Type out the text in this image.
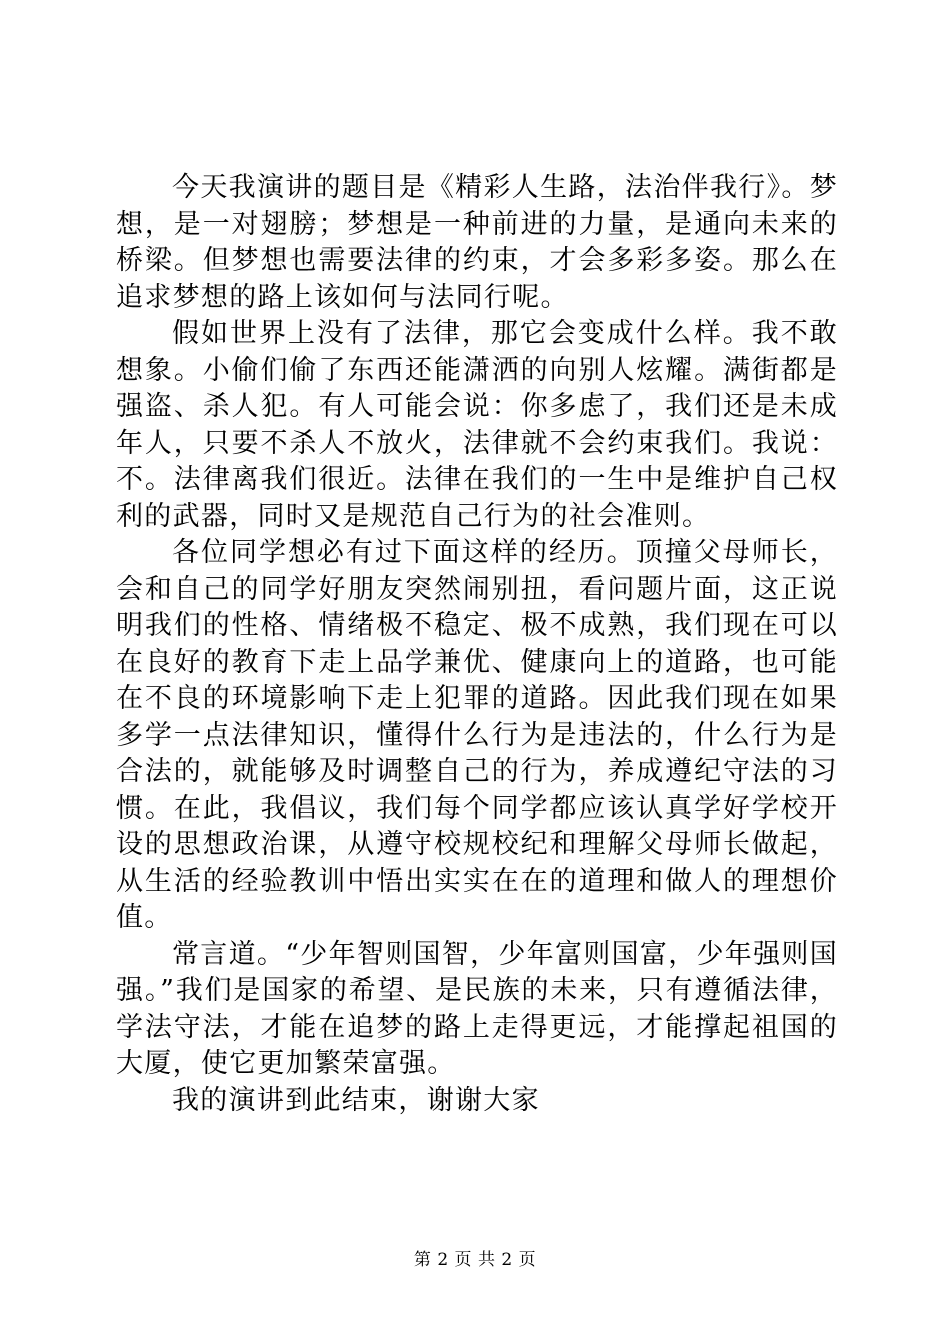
今天我演讲的题目是《精彩人生路，法治伴我行》。梦想，是一对翅膀；梦想是一种前进的力量，是通向未来的桥梁。但梦想也需要法律的约束，才会多彩多姿。那么在追求梦想的路上该如何与法同行呢。

假如世界上没有了法律，那它会变成什么样。我不敢想象。小偷们偷了东西还能潇洒的向别人炫耀。满街都是强盗、杀人犯。有人可能会说：你多虑了，我们还是未成年人，只要不杀人不放火，法律就不会约束我们。我说：不。法律离我们很近。法律在我们的一生中是维护自己权利的武器，同时又是规范自己行为的社会准则。

各位同学想必有过下面这样的经历。顶撞父母师长，会和自己的同学好朋友突然闹别扭，看问题片面，这正说明我们的性格、情绪极不稳定、极不成熟，我们现在可以在良好的教育下走上品学兼优、健康向上的道路，也可能在不良的环境影响下走上犯罪的道路。因此我们现在如果多学一点法律知识，懂得什么行为是违法的，什么行为是合法的，就能够及时调整自己的行为，养成遵纪守法的习惯。在此，我倡议，我们每个同学都应该认真学好学校开设的思想政治课，从遵守校规校纪和理解父母师长做起，从生活的经验教训中悟出实实在在的道理和做人的理想价值。

常言道。“少年智则国智，少年富则国富，少年强则国强。”我们是国家的希望、是民族的未来，只有遵循法律，学法守法，才能在追梦的路上走得更远，才能撑起祖国的大厦，使它更加繁荣富强。

我的演讲到此结束，谢谢大家

第 2 页 共 2 页
